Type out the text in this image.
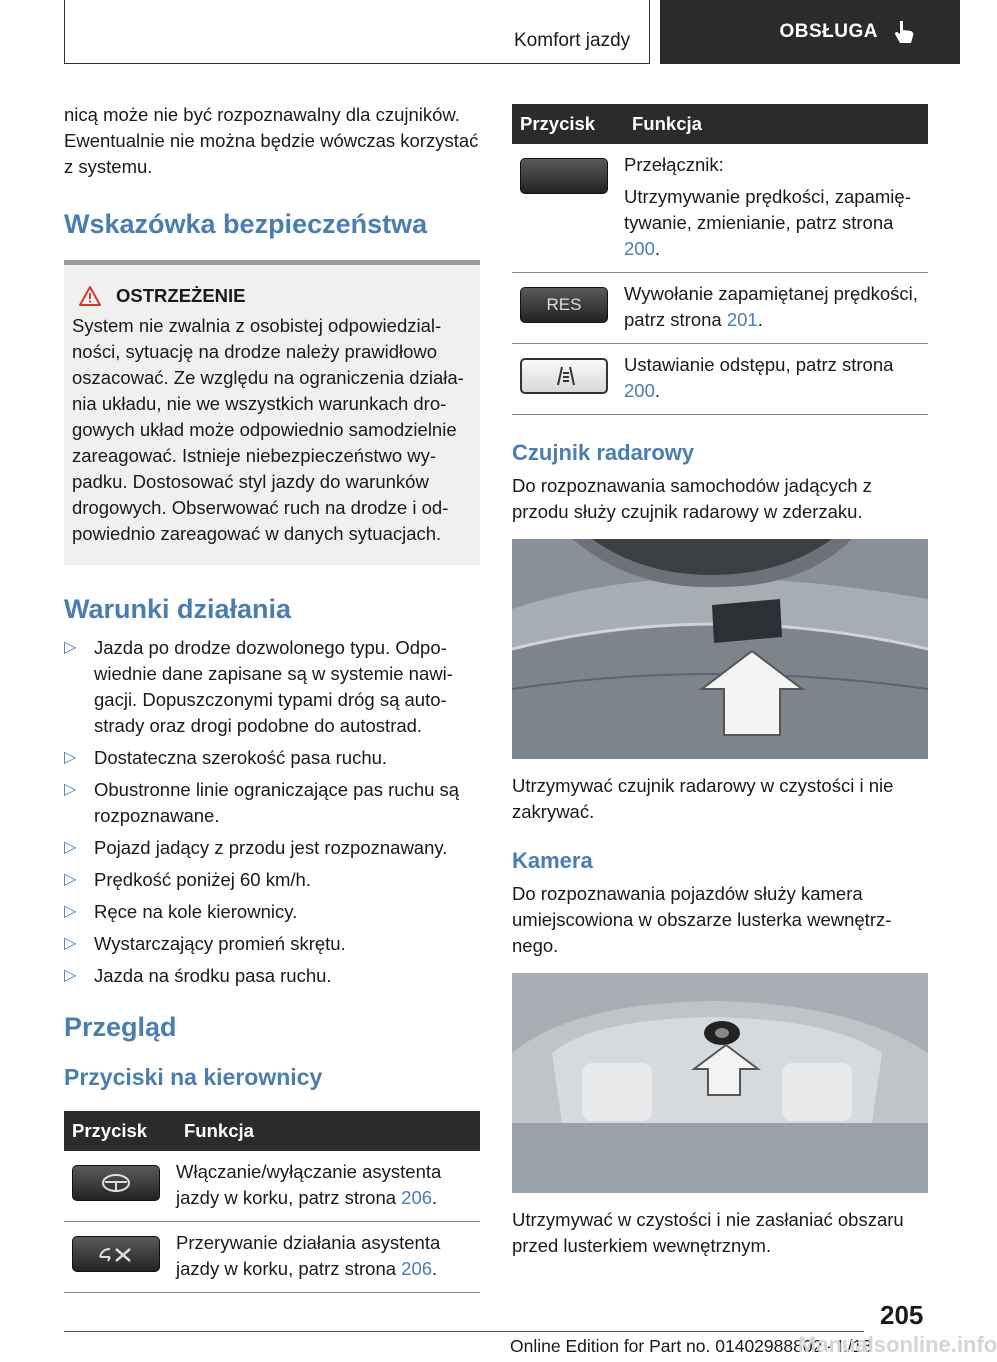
Komfort jazdy	OBSŁUGA

nicą może nie być rozpoznawalny dla czujników. Ewentualnie nie można będzie wówczas korzystać z systemu.

Wskazówka bezpieczeństwa
OSTRZEŻENIE
System nie zwalnia z osobistej odpowiedzialności, sytuację na drodze należy prawidłowo oszacować. Ze względu na ograniczenia działania układu, nie we wszystkich warunkach drogowych układ może odpowiednio samodzielnie zareagować. Istnieje niebezpieczeństwo wypadku. Dostosować styl jazdy do warunków drogowych. Obserwować ruch na drodze i odpowiednio zareagować w danych sytuacjach.
Warunki działania
▷ Jazda po drodze dozwolonego typu. Odpowiednie dane zapisane są w systemie nawigacji. Dopuszczonymi typami dróg są autostrady oraz drogi podobne do autostrad.
▷ Dostateczna szerokość pasa ruchu.
▷ Obustronne linie ograniczające pas ruchu są rozpoznawane.
▷ Pojazd jadący z przodu jest rozpoznawany.
▷ Prędkość poniżej 60 km/h.
▷ Ręce na kole kierownicy.
▷ Wystarczający promień skrętu.
▷ Jazda na środku pasa ruchu.
Przegląd
Przyciski na kierownicy
Przycisk	Funkcja

	Włączanie/wyłączanie asystenta jazdy w korku, patrz strona 206.

	Przerywanie działania asystenta jazdy w korku, patrz strona 206.
Przycisk	Funkcja

	Przełącznik:
Utrzymywanie prędkości, zapamiętywanie, zmienianie, patrz strona 200.

RES	Wywołanie zapamiętanej prędkości, patrz strona 201.

	Ustawianie odstępu, patrz strona 200.
Czujnik radarowy

Do rozpoznawania samochodów jadących z przodu służy czujnik radarowy w zderzaku.

Utrzymywać czujnik radarowy w czystości i nie zakrywać.

Kamera

Do rozpoznawania pojazdów służy kamera umiejscowiona w obszarze lusterka wewnętrznego.

Utrzymywać w czystości i nie zasłaniać obszaru przed lusterkiem wewnętrznym.

205
Online Edition for Part no. 01402988802 - II/18
Manualsonline.info
